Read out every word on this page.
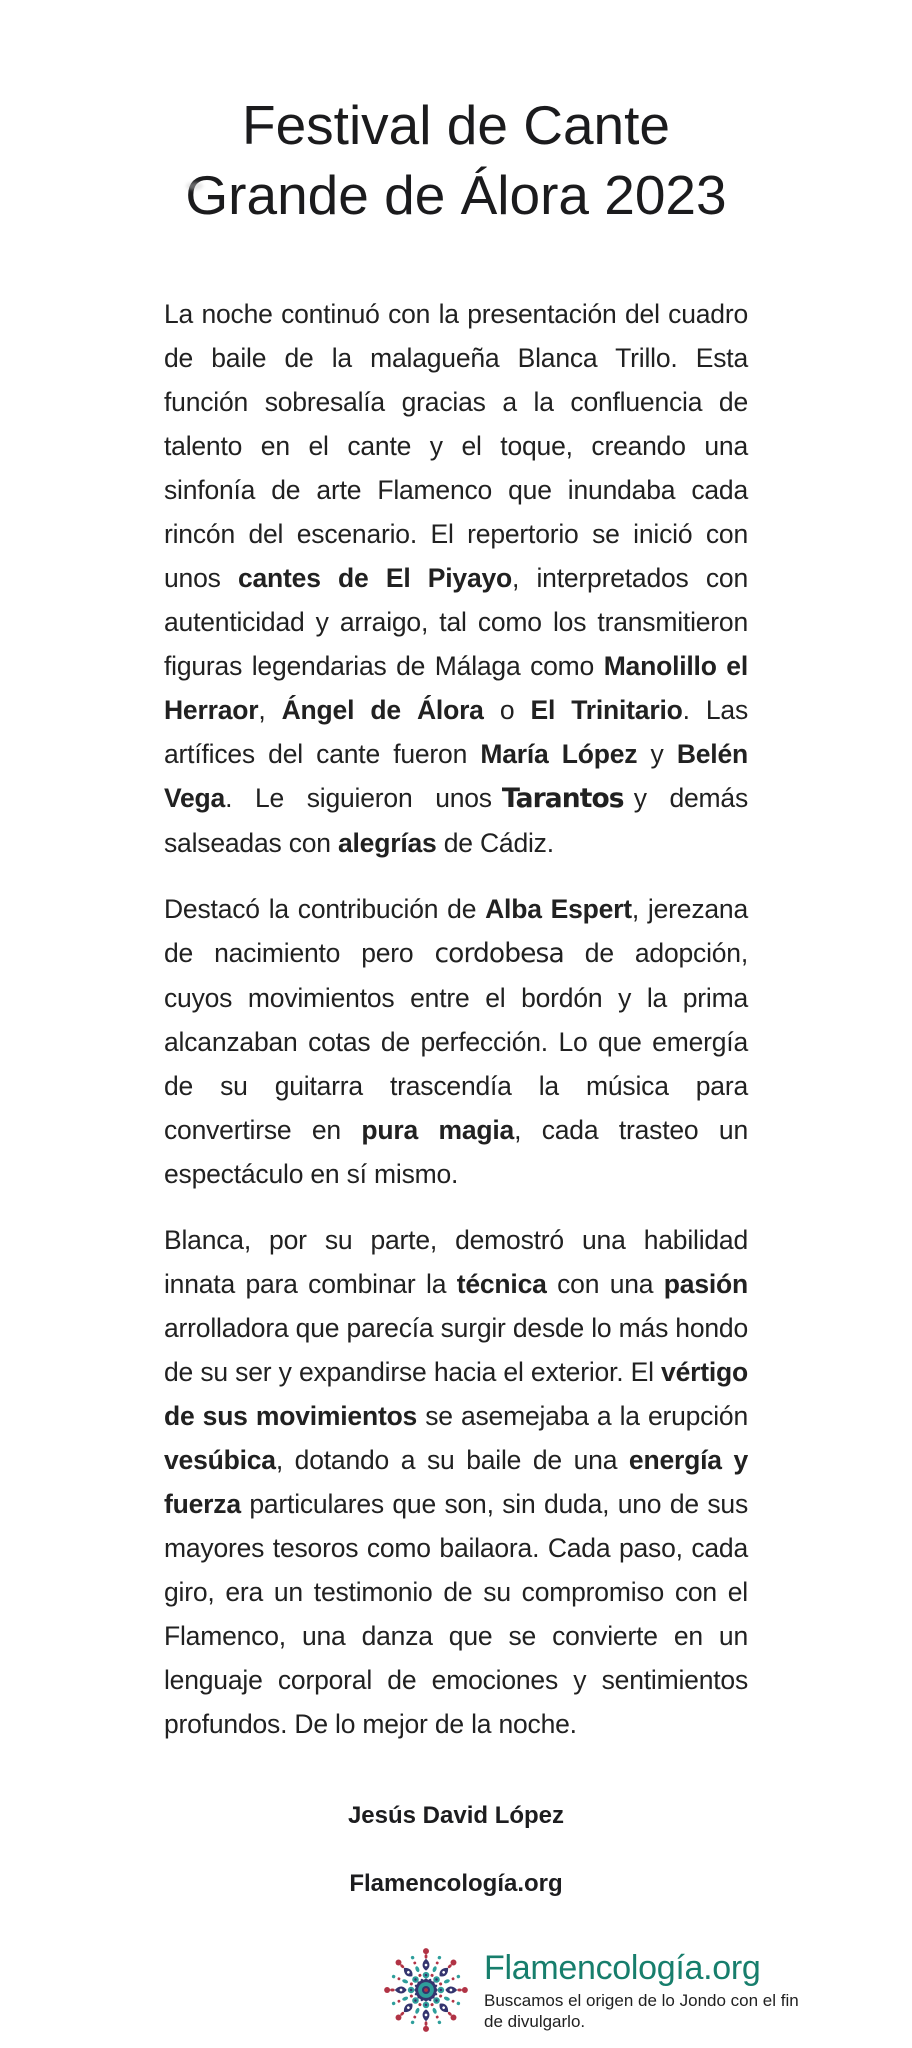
Festival de Cante
Grande de Álora 2023

La noche continuó con la presentación del cuadro de baile de la malagueña Blanca Trillo. Esta función sobresalía gracias a la confluencia de talento en el cante y el toque, creando una sinfonía de arte Flamenco que inundaba cada rincón del escenario. El repertorio se inició con unos cantes de El Piyayo, interpretados con autenticidad y arraigo, tal como los transmitieron figuras legendarias de Málaga como Manolillo el Herraor, Ángel de Álora o El Trinitario. Las artífices del cante fueron María López y Belén Vega. Le siguieron unos Tarantos y demás salseadas con alegrías de Cádiz.

Destacó la contribución de Alba Espert, jerezana de nacimiento pero cordobesa de adopción, cuyos movimientos entre el bordón y la prima alcanzaban cotas de perfección. Lo que emergía de su guitarra trascendía la música para convertirse en pura magia, cada trasteo un espectáculo en sí mismo.

Blanca, por su parte, demostró una habilidad innata para combinar la técnica con una pasión arrolladora que parecía surgir desde lo más hondo de su ser y expandirse hacia el exterior. El vértigo de sus movimientos se asemejaba a la erupción vesúbica, dotando a su baile de una energía y fuerza particulares que son, sin duda, uno de sus mayores tesoros como bailaora. Cada paso, cada giro, era un testimonio de su compromiso con el Flamenco, una danza que se convierte en un lenguaje corporal de emociones y sentimientos profundos. De lo mejor de la noche.

Jesús David López
Flamencología.org
Flamencología.org
Buscamos el origen de lo Jondo con el fin
de divulgarlo.
